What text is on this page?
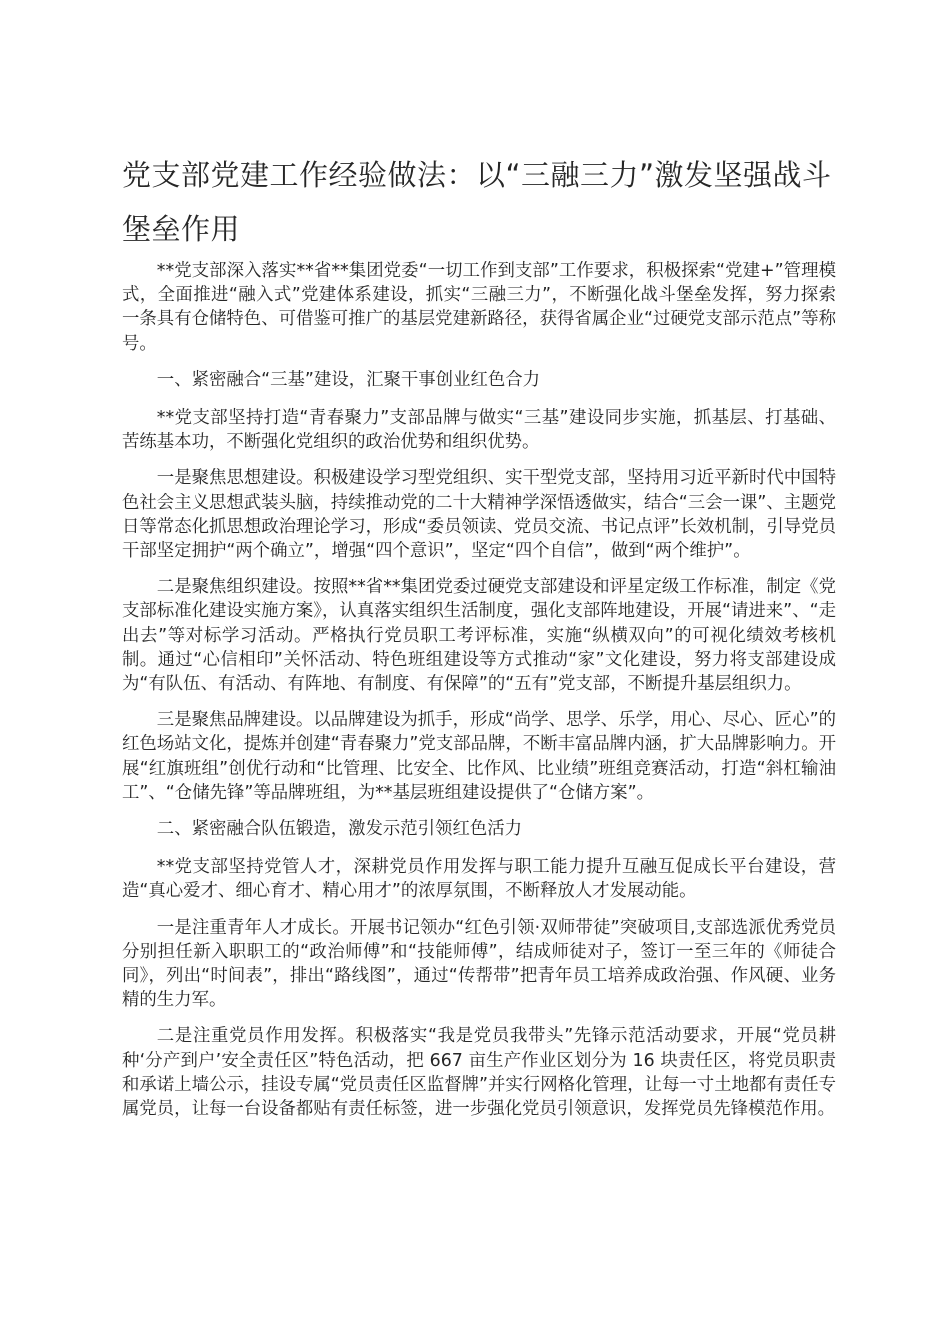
党支部党建工作经验做法：以“三融三力”激发坚强战斗堡垒作用

**党支部深入落实**省**集团党委“一切工作到支部”工作要求，积极探索“党建+”管理模式，全面推进“融入式”党建体系建设，抓实“三融三力”，不断强化战斗堡垒发挥，努力探索一条具有仓储特色、可借鉴可推广的基层党建新路径，获得省属企业“过硬党支部示范点”等称号。

一、紧密融合“三基”建设，汇聚干事创业红色合力

**党支部坚持打造“青春聚力”支部品牌与做实“三基”建设同步实施，抓基层、打基础、苦练基本功，不断强化党组织的政治优势和组织优势。

一是聚焦思想建设。积极建设学习型党组织、实干型党支部，坚持用习近平新时代中国特色社会主义思想武装头脑，持续推动党的二十大精神学深悟透做实，结合“三会一课”、主题党日等常态化抓思想政治理论学习，形成“委员领读、党员交流、书记点评”长效机制，引导党员干部坚定拥护“两个确立”，增强“四个意识”，坚定“四个自信”，做到“两个维护”。

二是聚焦组织建设。按照**省**集团党委过硬党支部建设和评星定级工作标准，制定《党支部标准化建设实施方案》，认真落实组织生活制度，强化支部阵地建设，开展“请进来”、“走出去”等对标学习活动。严格执行党员职工考评标准，实施“纵横双向”的可视化绩效考核机制。通过“心信相印”关怀活动、特色班组建设等方式推动“家”文化建设，努力将支部建设成为“有队伍、有活动、有阵地、有制度、有保障”的“五有”党支部，不断提升基层组织力。

三是聚焦品牌建设。以品牌建设为抓手，形成“尚学、思学、乐学，用心、尽心、匠心”的红色场站文化，提炼并创建“青春聚力”党支部品牌，不断丰富品牌内涵，扩大品牌影响力。开展“红旗班组”创优行动和“比管理、比安全、比作风、比业绩”班组竞赛活动，打造“斜杠输油工”、“仓储先锋”等品牌班组，为**基层班组建设提供了“仓储方案”。

二、紧密融合队伍锻造，激发示范引领红色活力

**党支部坚持党管人才，深耕党员作用发挥与职工能力提升互融互促成长平台建设，营造“真心爱才、细心育才、精心用才”的浓厚氛围，不断释放人才发展动能。

一是注重青年人才成长。开展书记领办“红色引领·双师带徒”突破项目,支部选派优秀党员分别担任新入职职工的“政治师傅”和“技能师傅”，结成师徒对子，签订一至三年的《师徒合同》，列出“时间表”，排出“路线图”，通过“传帮带”把青年员工培养成政治强、作风硬、业务精的生力军。

二是注重党员作用发挥。积极落实“我是党员我带头”先锋示范活动要求，开展“党员耕种‘分产到户’安全责任区”特色活动，把 667 亩生产作业区划分为 16 块责任区，将党员职责和承诺上墙公示，挂设专属“党员责任区监督牌”并实行网格化管理，让每一寸土地都有责任专属党员，让每一台设备都贴有责任标签，进一步强化党员引领意识，发挥党员先锋模范作用。
